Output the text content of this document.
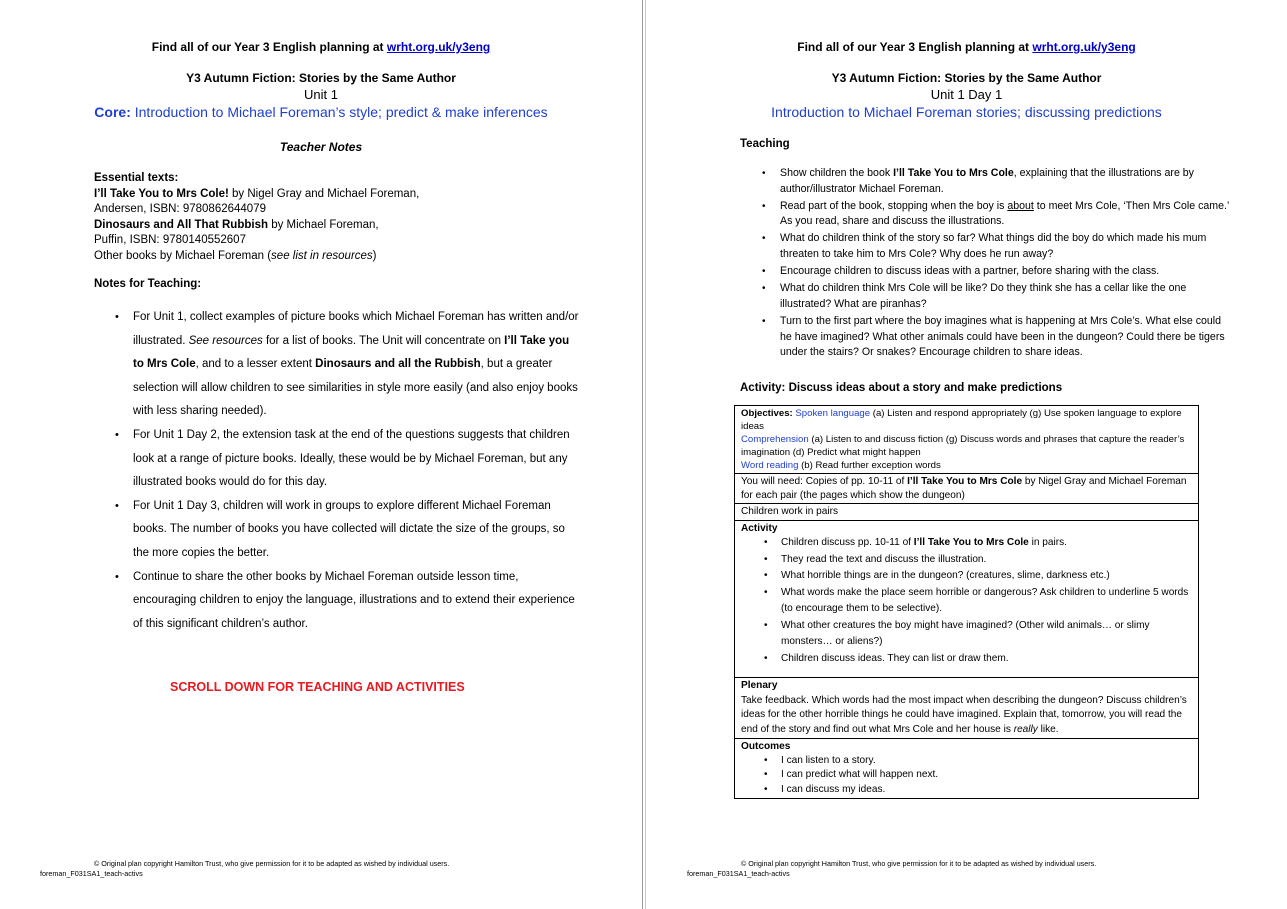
Find all of our Year 3 English planning at wrht.org.uk/y3eng
Y3 Autumn Fiction: Stories by the Same Author
Unit 1
Core: Introduction to Michael Foreman’s style; predict & make inferences
Teacher Notes
Essential texts:
I’ll Take You to Mrs Cole! by Nigel Gray and Michael Foreman,
Andersen, ISBN: 9780862644079
Dinosaurs and All That Rubbish by Michael Foreman,
Puffin, ISBN: 9780140552607
Other books by Michael Foreman (see list in resources)
Notes for Teaching:
• For Unit 1, collect examples of picture books which Michael Foreman has written and/or illustrated. See resources for a list of books. The Unit will concentrate on I’ll Take you to Mrs Cole, and to a lesser extent Dinosaurs and all the Rubbish, but a greater selection will allow children to see similarities in style more easily (and also enjoy books with less sharing needed).
• For Unit 1 Day 2, the extension task at the end of the questions suggests that children look at a range of picture books. Ideally, these would be by Michael Foreman, but any illustrated books would do for this day.
• For Unit 1 Day 3, children will work in groups to explore different Michael Foreman books. The number of books you have collected will dictate the size of the groups, so the more copies the better.
• Continue to share the other books by Michael Foreman outside lesson time, encouraging children to enjoy the language, illustrations and to extend their experience of this significant children’s author.
SCROLL DOWN FOR TEACHING AND ACTIVITIES
© Original plan copyright Hamilton Trust, who give permission for it to be adapted as wished by individual users.
foreman_F031SA1_teach-activs
Find all of our Year 3 English planning at wrht.org.uk/y3eng
Y3 Autumn Fiction: Stories by the Same Author
Unit 1 Day 1
Introduction to Michael Foreman stories; discussing predictions
Teaching
• Show children the book I’ll Take You to Mrs Cole, explaining that the illustrations are by author/illustrator Michael Foreman.
• Read part of the book, stopping when the boy is about to meet Mrs Cole, ‘Then Mrs Cole came.’ As you read, share and discuss the illustrations.
• What do children think of the story so far? What things did the boy do which made his mum threaten to take him to Mrs Cole? Why does he run away?
• Encourage children to discuss ideas with a partner, before sharing with the class.
• What do children think Mrs Cole will be like? Do they think she has a cellar like the one illustrated? What are piranhas?
• Turn to the first part where the boy imagines what is happening at Mrs Cole’s. What else could he have imagined? What other animals could have been in the dungeon? Could there be tigers under the stairs? Or snakes? Encourage children to share ideas.
Activity: Discuss ideas about a story and make predictions
Objectives: Spoken language (a) Listen and respond appropriately (g) Use spoken language to explore ideas
Comprehension (a) Listen to and discuss fiction (g) Discuss words and phrases that capture the reader’s imagination (d) Predict what might happen
Word reading (b) Read further exception words
You will need: Copies of pp. 10-11 of I’ll Take You to Mrs Cole by Nigel Gray and Michael Foreman for each pair (the pages which show the dungeon)
Children work in pairs
Activity
• Children discuss pp. 10-11 of I’ll Take You to Mrs Cole in pairs.
• They read the text and discuss the illustration.
• What horrible things are in the dungeon? (creatures, slime, darkness etc.)
• What words make the place seem horrible or dangerous? Ask children to underline 5 words (to encourage them to be selective).
• What other creatures the boy might have imagined? (Other wild animals… or slimy monsters… or aliens?)
• Children discuss ideas. They can list or draw them.
Plenary
Take feedback. Which words had the most impact when describing the dungeon? Discuss children’s ideas for the other horrible things he could have imagined. Explain that, tomorrow, you will read the end of the story and find out what Mrs Cole and her house is really like.
Outcomes
• I can listen to a story.
• I can predict what will happen next.
• I can discuss my ideas.
© Original plan copyright Hamilton Trust, who give permission for it to be adapted as wished by individual users.
foreman_F031SA1_teach-activs
